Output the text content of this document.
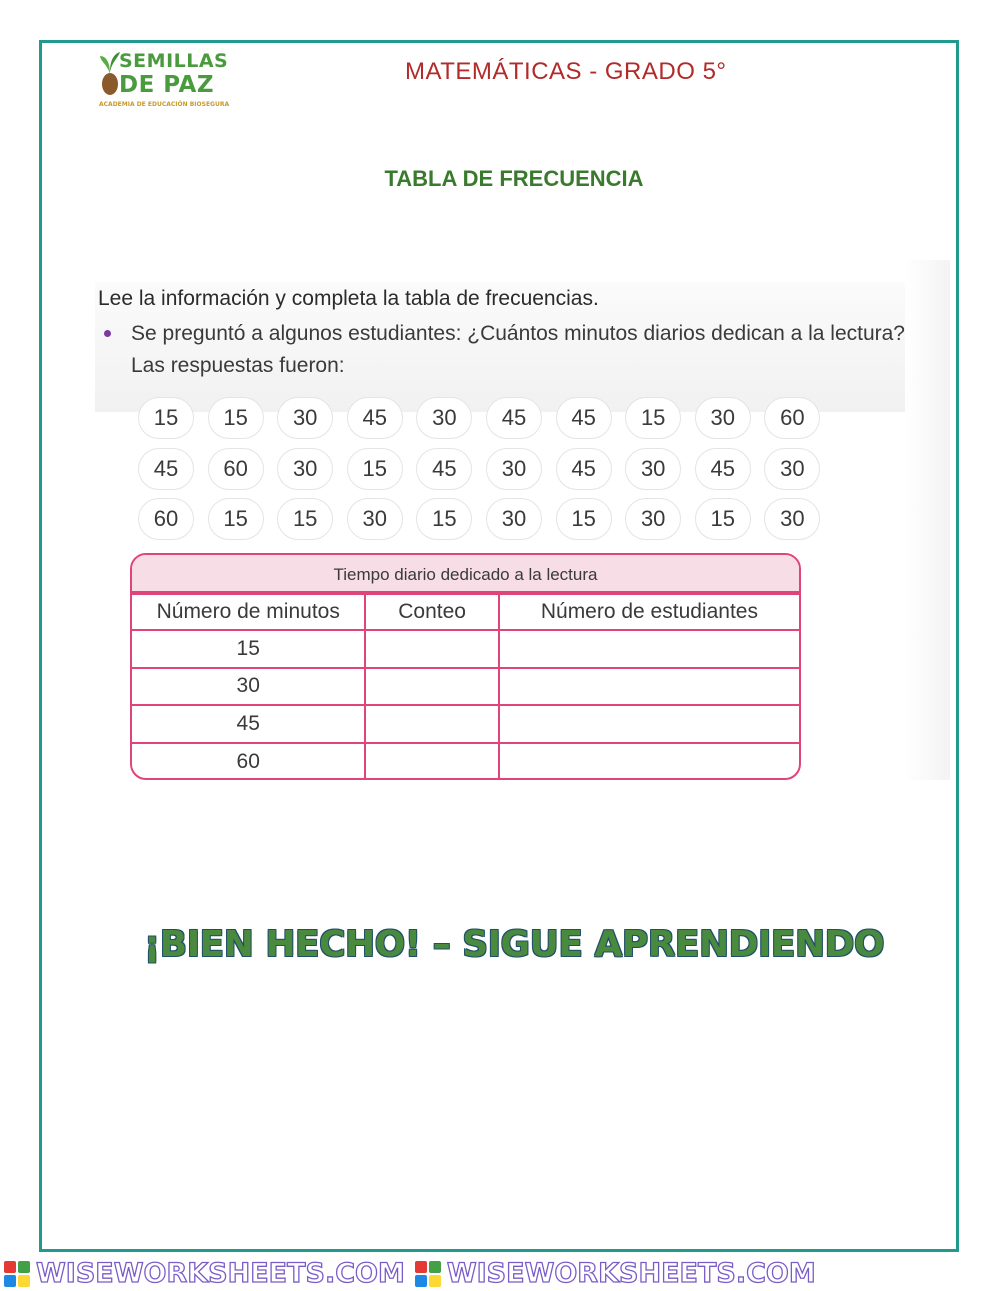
SEMILLAS
DE PAZ
ACADEMIA DE EDUCACIÓN BIOSEGURA
MATEMÁTICAS - GRADO 5°
TABLA DE FRECUENCIA
Lee la información y completa la tabla de frecuencias.
Se preguntó a algunos estudiantes: ¿Cuántos minutos diarios dedican a la lectura? Las respuestas fueron:
15	15	30	45	30	45	45	15	30	60
45	60	30	15	45	30	45	30	45	30
60	15	15	30	15	30	15	30	15	30
Tiempo diario dedicado a la lectura
Número de minutos	Conteo	Número de estudiantes
15		
30		
45		
60		
¡BIEN HECHO! – SIGUE APRENDIENDO
WISEWORKSHEETS.COM WISEWORKSHEETS.COM
